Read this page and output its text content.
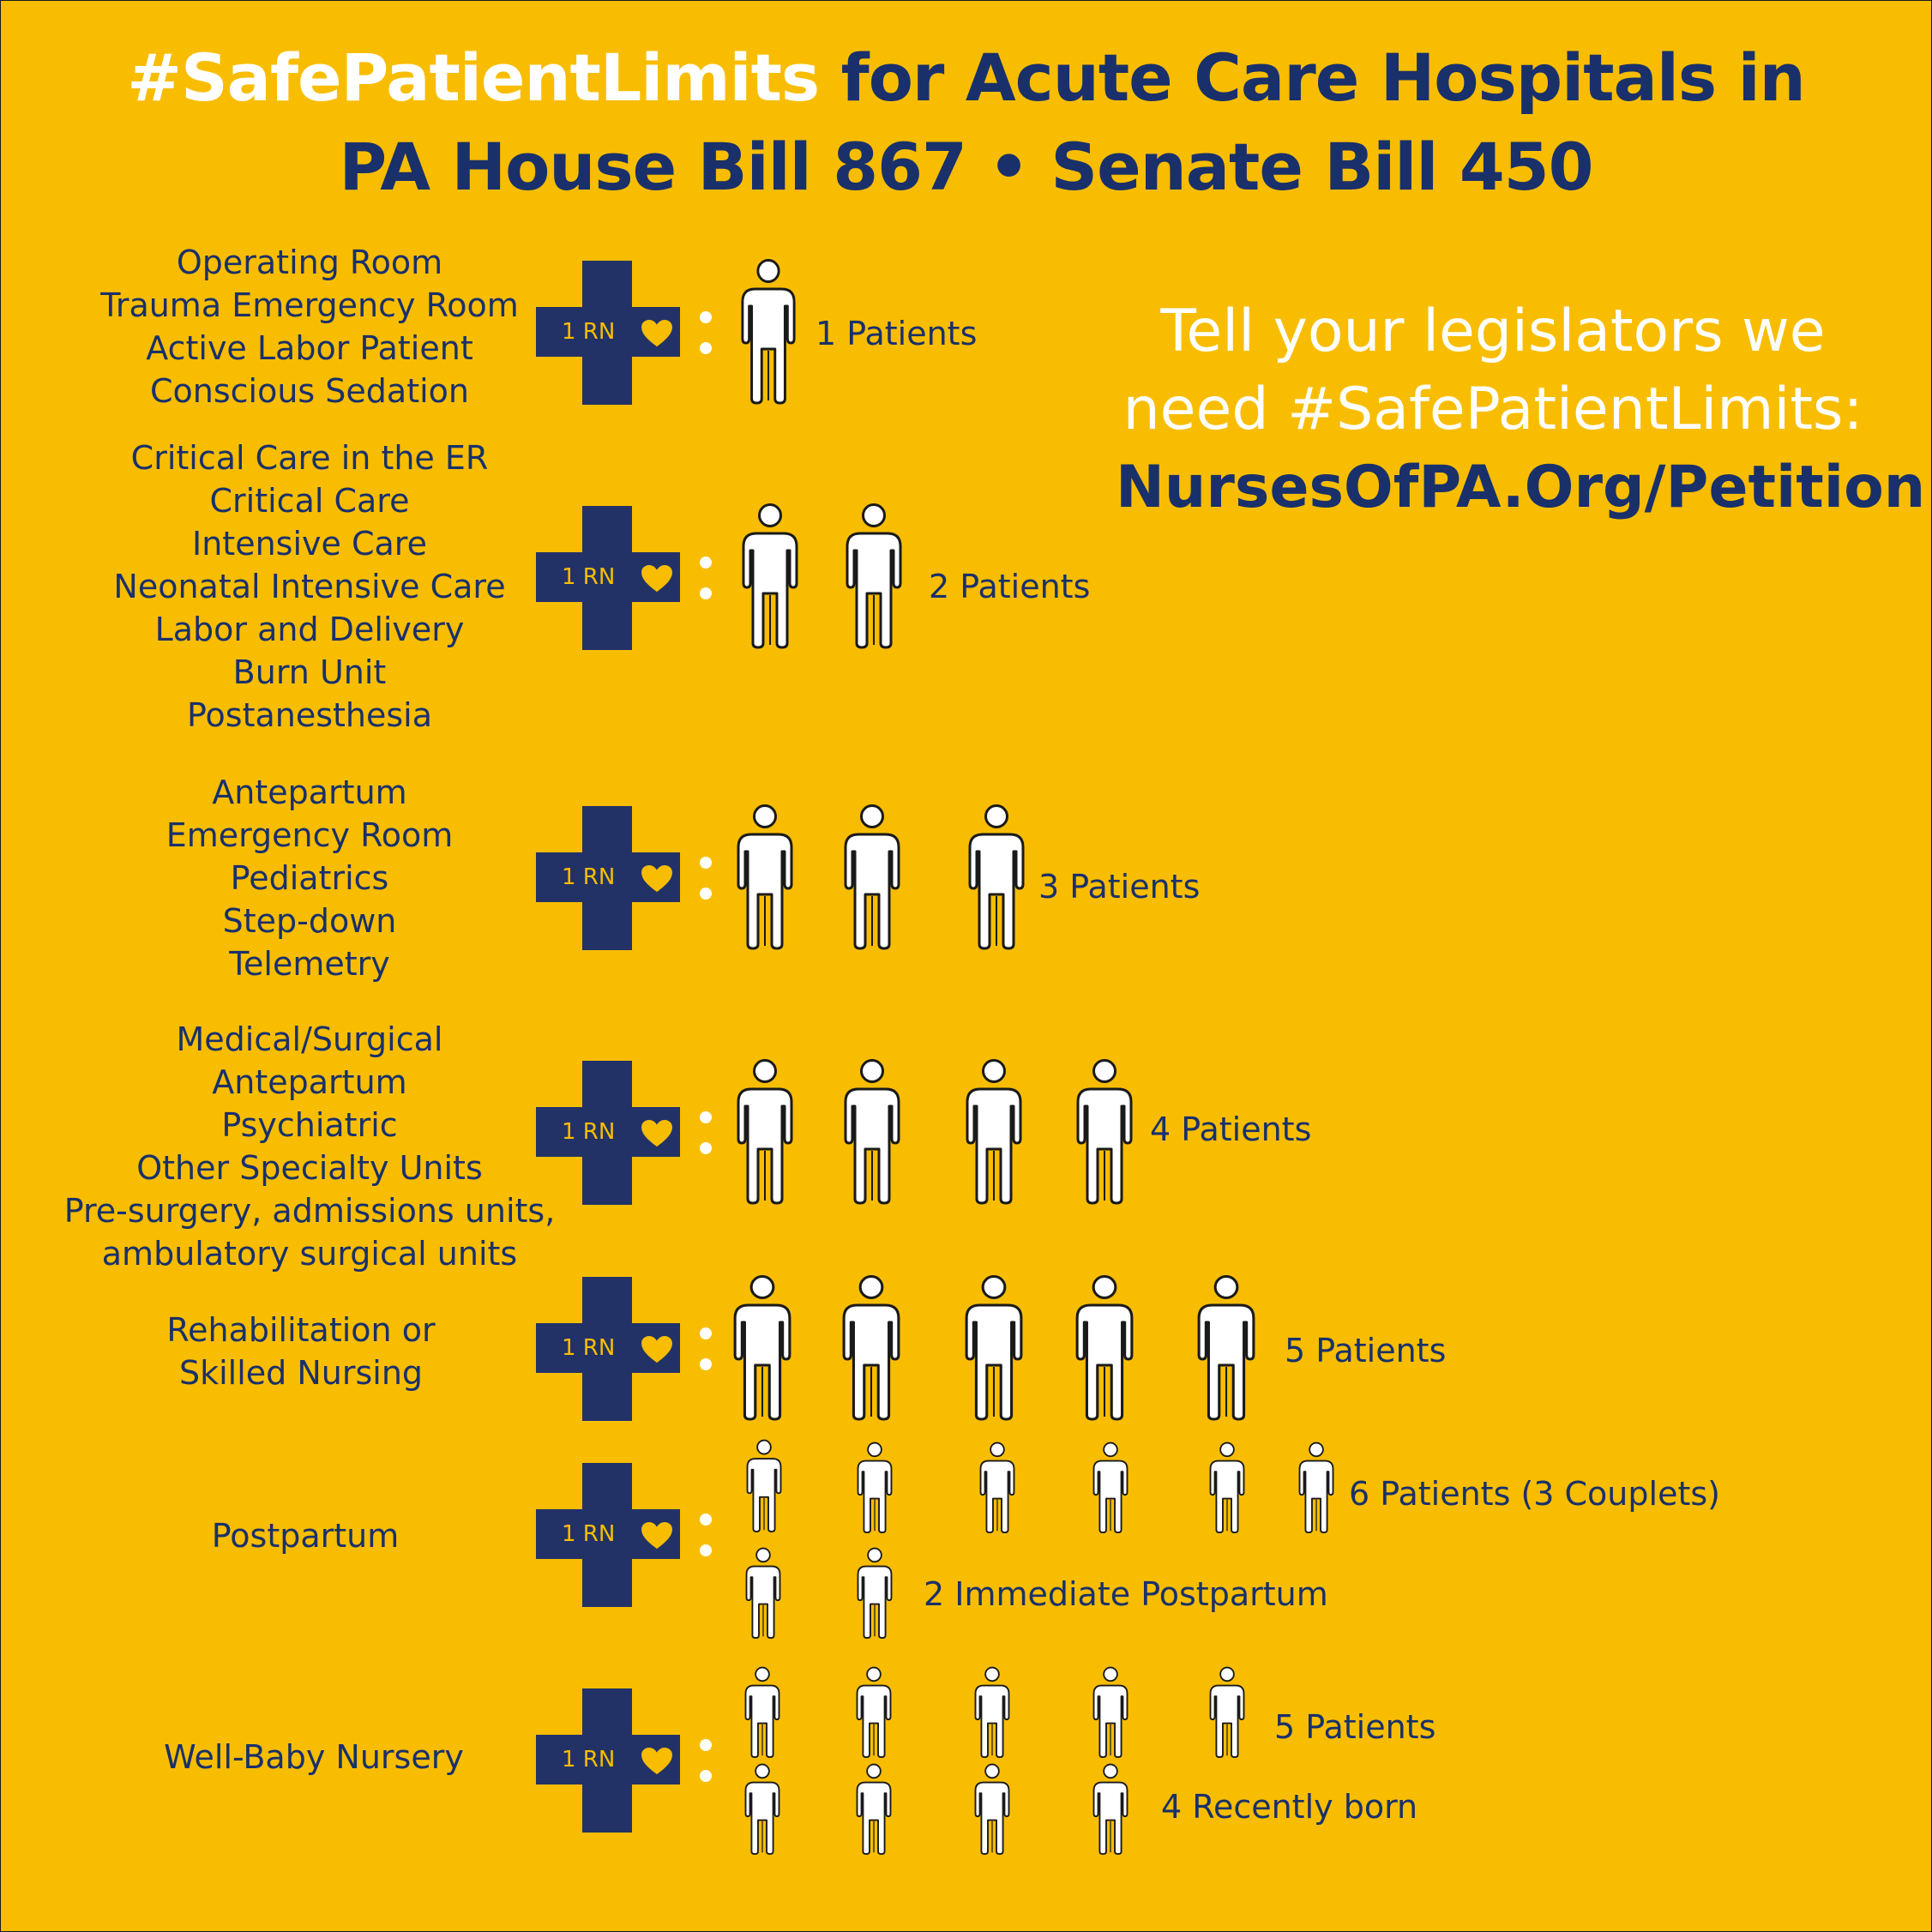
#SafePatientLimits for Acute Care Hospitals in
PA House Bill 867 • Senate Bill 450
Tell your legislators we
need #SafePatientLimits:
NursesOfPA.Org/Petition
Operating Room
Trauma Emergency Room
Active Labor Patient
Conscious Sedation
1 RN	1 Patients
Critical Care in the ER
Critical Care
Intensive Care
Neonatal Intensive Care
Labor and Delivery
Burn Unit
Postanesthesia
1 RN	2 Patients
Antepartum
Emergency Room
Pediatrics
Step-down
Telemetry
1 RN	3 Patients
Medical/Surgical
Antepartum
Psychiatric
Other Specialty Units
Pre-surgery, admissions units,
ambulatory surgical units
1 RN	4 Patients
Rehabilitation or
Skilled Nursing
1 RN	5 Patients
Postpartum	1 RN
6 Patients (3 Couplets)
2 Immediate Postpartum
Well-Baby Nursery	1 RN
5 Patients
4 Recently born
